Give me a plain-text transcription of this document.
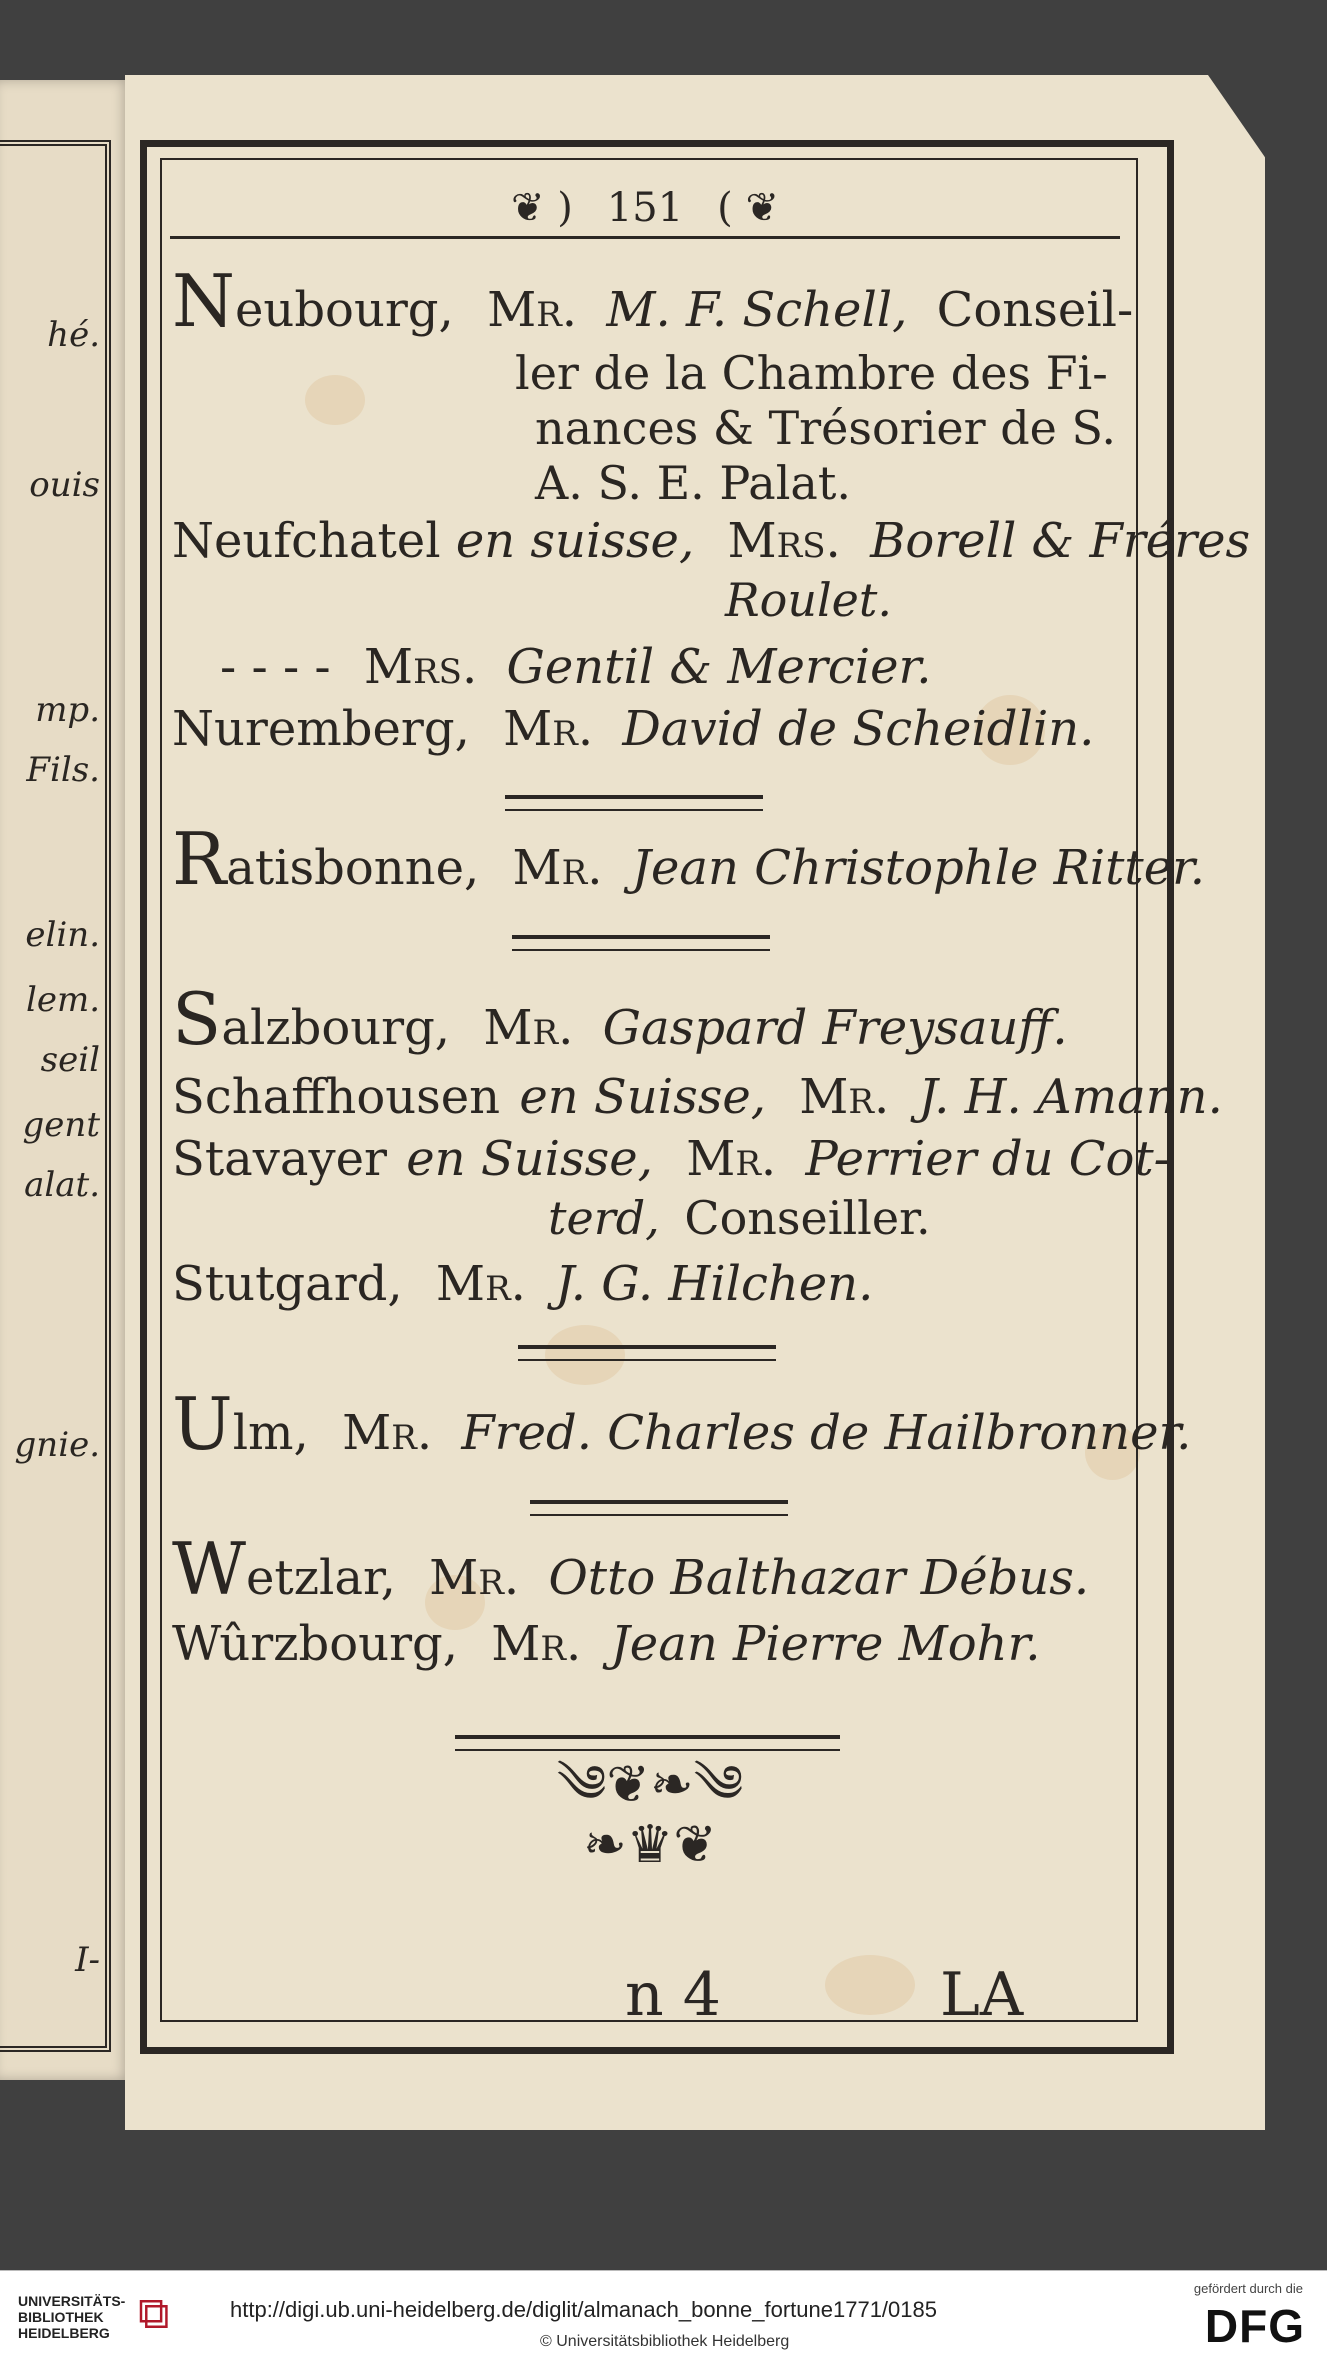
hé.
ouis
mp.
Fils.
elin.
lem.
seil
gent
alat.
gnie.
I-
❦ ) 151 ( ❦
Neubourg, Mr. M. F. Schell, Conseil-
ler de la Chambre des Fi-
nances & Trésorier de S.
A. S. E. Palat.
Neufchatel en suisse, Mrs. Borell & Fréres
Roulet.
- - - - Mrs. Gentil & Mercier.
Nuremberg, Mr. David de Scheidlin.
Ratisbonne, Mr. Jean Christophle Ritter.
Salzbourg, Mr. Gaspard Freysauff.
Schaffhousen en Suisse, Mr. J. H. Amann.
Stavayer en Suisse, Mr. Perrier du Cot-
terd, Conseiller.
Stutgard, Mr. J. G. Hilchen.
Ulm, Mr. Fred. Charles de Hailbronner.
Wetzlar, Mr. Otto Balthazar Débus.
Wûrzbourg, Mr. Jean Pierre Mohr.
༄❦❧༄
❧♛❦
n 4	LA
UNIVERSITÄTS-
BIBLIOTHEK
HEIDELBERG ⧉	http://digi.ub.uni-heidelberg.de/diglit/almanach_bonne_fortune1771/0185
© Universitätsbibliothek Heidelberg
gefördert durch die
DFG
